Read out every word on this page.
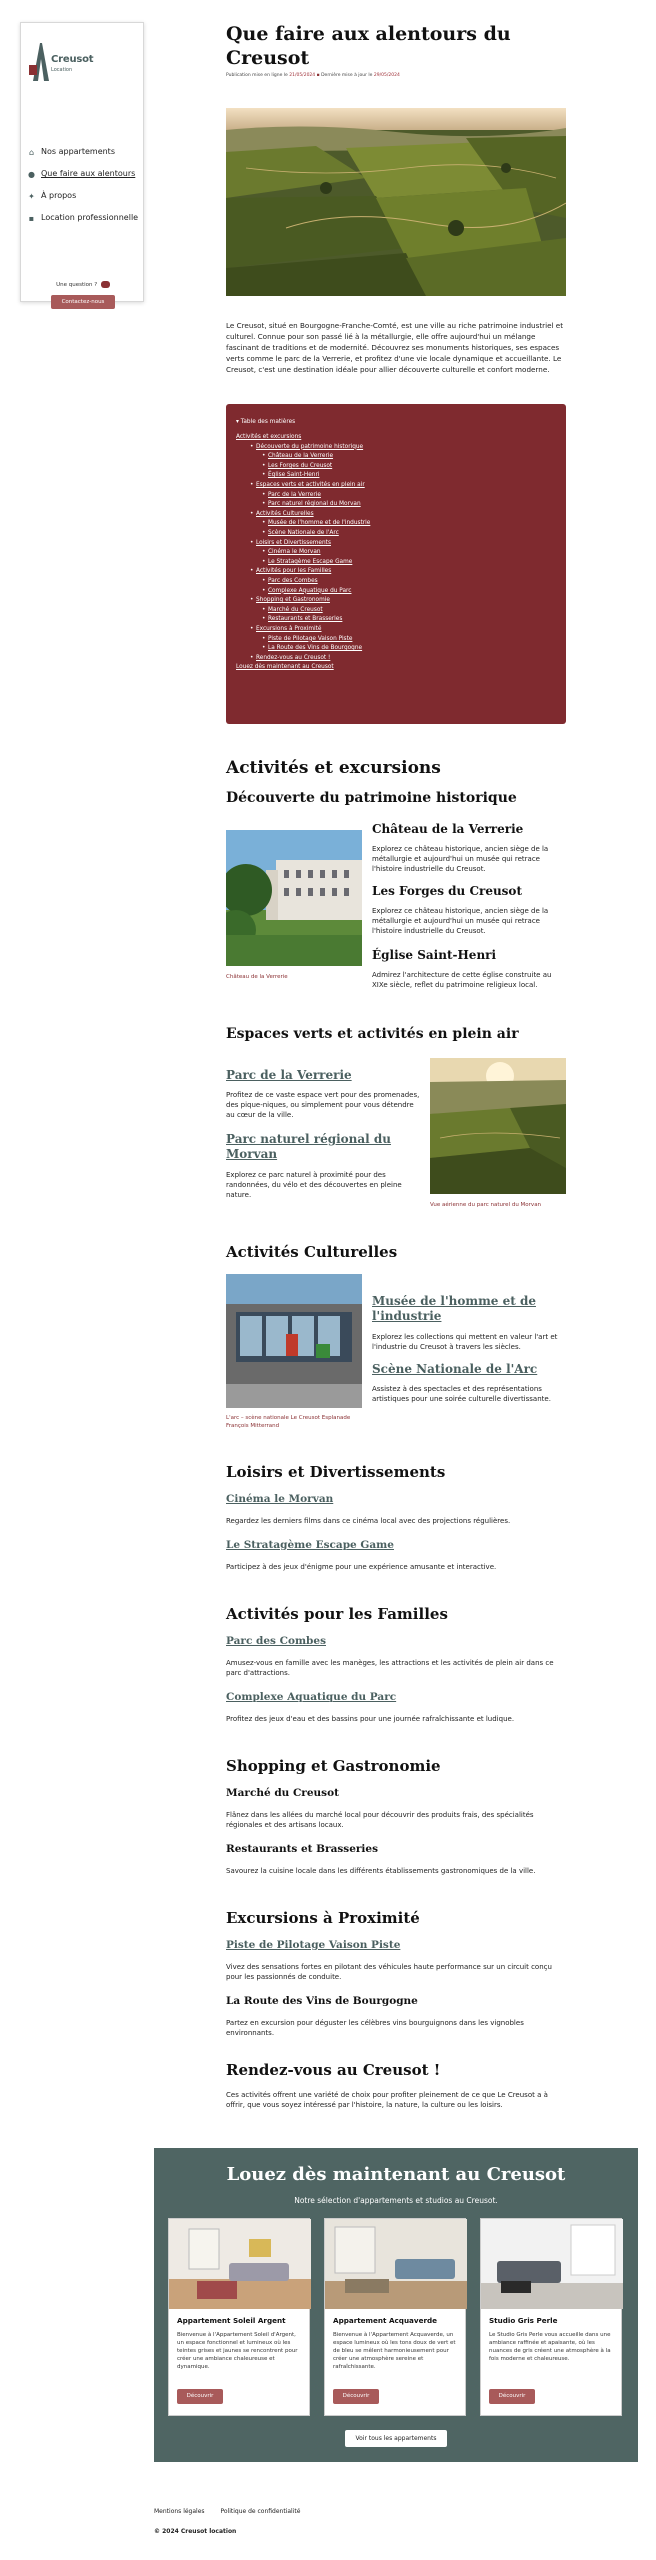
Creusot
Location
⌂ Nos appartements
● Que faire aux alentours
✦ À propos
▪ Location professionnelle
Une question ?
Contactez-nous
Que faire aux alentours du Creusot
Publication mise en ligne le 21/05/2024 ▪ Dernière mise à jour le 29/05/2024

Le Creusot, situé en Bourgogne-Franche-Comté, est une ville au riche patrimoine industriel et culturel. Connue pour son passé lié à la métallurgie, elle offre aujourd'hui un mélange fascinant de traditions et de modernité. Découvrez ses monuments historiques, ses espaces verts comme le parc de la Verrerie, et profitez d'une vie locale dynamique et accueillante. Le Creusot, c'est une destination idéale pour allier découverte culturelle et confort moderne.

▾ Table des matières
Activités et excursions
• Découverte du patrimoine historique
• Château de la Verrerie
• Les Forges du Creusot
• Église Saint-Henri
• Espaces verts et activités en plein air
• Parc de la Verrerie
• Parc naturel régional du Morvan
• Activités Culturelles
• Musée de l'homme et de l'industrie
• Scène Nationale de l'Arc
• Loisirs et Divertissements
• Cinéma le Morvan
• Le Stratagème Escape Game
• Activités pour les Familles
• Parc des Combes
• Complexe Aquatique du Parc
• Shopping et Gastronomie
• Marché du Creusot
• Restaurants et Brasseries
• Excursions à Proximité
• Piste de Pilotage Vaison Piste
• La Route des Vins de Bourgogne
• Rendez-vous au Creusot !
Louez dès maintenant au Creusot
Activités et excursions
Découverte du patrimoine historique
Château de la Verrerie
Château de la Verrerie

Explorez ce château historique, ancien siège de la métallurgie et aujourd'hui un musée qui retrace l'histoire industrielle du Creusot.

Les Forges du Creusot

Explorez ce château historique, ancien siège de la métallurgie et aujourd'hui un musée qui retrace l'histoire industrielle du Creusot.

Église Saint-Henri

Admirez l'architecture de cette église construite au XIXe siècle, reflet du patrimoine religieux local.

Espaces verts et activités en plein air
Parc de la Verrerie

Profitez de ce vaste espace vert pour des promenades, des pique-niques, ou simplement pour vous détendre au cœur de la ville.

Parc naturel régional du Morvan

Explorez ce parc naturel à proximité pour des randonnées, du vélo et des découvertes en pleine nature.

Vue aérienne du parc naturel du Morvan
Activités Culturelles
L'arc – scène nationale Le Creusot Esplanade François Mitterrand
Musée de l'homme et de l'industrie

Explorez les collections qui mettent en valeur l'art et l'industrie du Creusot à travers les siècles.

Scène Nationale de l'Arc

Assistez à des spectacles et des représentations artistiques pour une soirée culturelle divertissante.

Loisirs et Divertissements
Cinéma le Morvan

Regardez les derniers films dans ce cinéma local avec des projections régulières.

Le Stratagème Escape Game

Participez à des jeux d'énigme pour une expérience amusante et interactive.

Activités pour les Familles
Parc des Combes

Amusez-vous en famille avec les manèges, les attractions et les activités de plein air dans ce parc d'attractions.

Complexe Aquatique du Parc

Profitez des jeux d'eau et des bassins pour une journée rafraîchissante et ludique.

Shopping et Gastronomie
Marché du Creusot

Flânez dans les allées du marché local pour découvrir des produits frais, des spécialités régionales et des artisans locaux.

Restaurants et Brasseries

Savourez la cuisine locale dans les différents établissements gastronomiques de la ville.

Excursions à Proximité
Piste de Pilotage Vaison Piste

Vivez des sensations fortes en pilotant des véhicules haute performance sur un circuit conçu pour les passionnés de conduite.

La Route des Vins de Bourgogne

Partez en excursion pour déguster les célèbres vins bourguignons dans les vignobles environnants.

Rendez-vous au Creusot !

Ces activités offrent une variété de choix pour profiter pleinement de ce que Le Creusot a à offrir, que vous soyez intéressé par l'histoire, la nature, la culture ou les loisirs.

Louez dès maintenant au Creusot
Notre sélection d'appartements et studios au Creusot.
Appartement Soleil Argent
Bienvenue à l'Appartement Soleil d'Argent, un espace fonctionnel et lumineux où les teintes grises et jaunes se rencontrent pour créer une ambiance chaleureuse et dynamique.
Découvrir
Appartement Acquaverde
Bienvenue à l'Appartement Acquaverde, un espace lumineux où les tons doux de vert et de bleu se mêlent harmonieusement pour créer une atmosphère sereine et rafraîchissante.
Découvrir
Studio Gris Perle
Le Studio Gris Perle vous accueille dans une ambiance raffinée et apaisante, où les nuances de gris créent une atmosphère à la fois moderne et chaleureuse.
Découvrir
Voir tous les appartements
Mentions légales	Politique de confidentialité
© 2024 Creusot location
